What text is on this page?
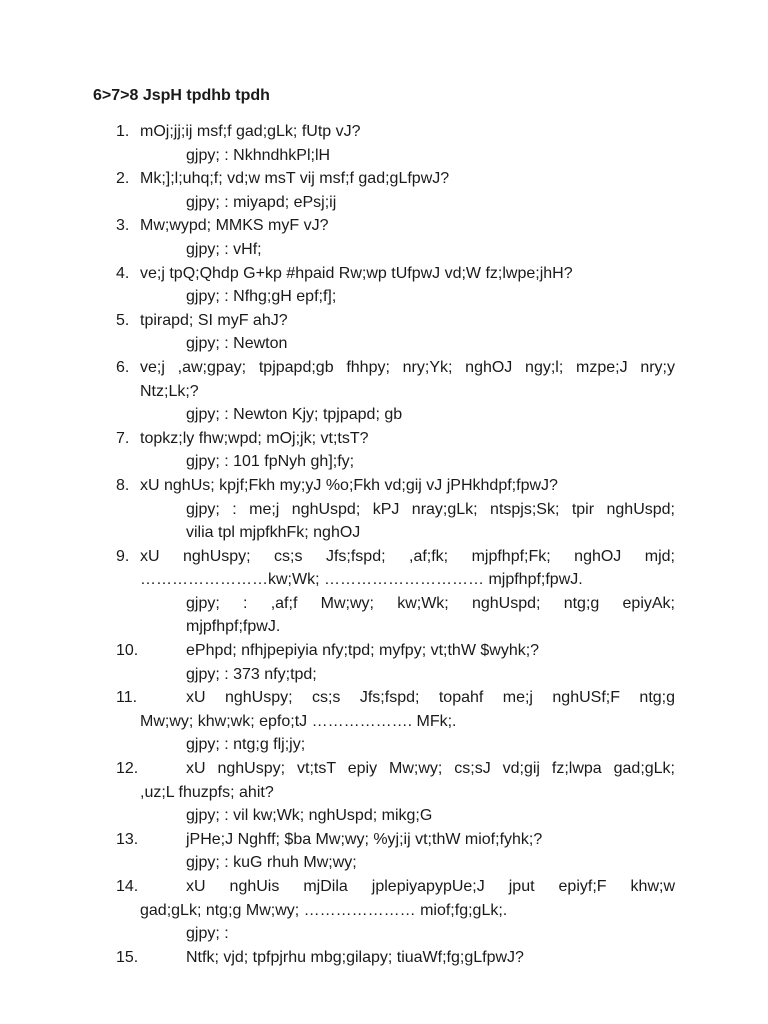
6>7>8 JspH tpdhb tpdh
1. mOj;jj;ij msf;f gad;gLk; fUtp vJ?
gjpy; : NkhndhkPl;lH
2. Mk;];l;uhq;f; vd;w msT vij msf;f gad;gLfpwJ?
gjpy; : miyapd; ePsj;ij
3. Mw;wypd; MMKS myF vJ?
gjpy; : vHf;
4. ve;j tpQ;Qhdp G+kp #hpaid Rw;wp tUfpwJ vd;W fz;lwpe;jhH?
gjpy; : Nfhg;gH epf;f];
5. tpirapd; SI myF ahJ?
gjpy; : Newton
6. ve;j ,aw;gpay; tpjpapd;gb fhhpy; nry;Yk; nghOJ ngy;l; mzpe;J nry;y
Ntz;Lk;?
gjpy; : Newton Kjy; tpjpapd; gb
7. topkz;ly fhw;wpd; mOj;jk; vt;tsT?
gjpy; : 101 fpNyh gh];fy;
8. xU nghUs; kpjf;Fkh my;yJ %o;Fkh vd;gij vJ jPHkhdpf;fpwJ?
gjpy; : me;j nghUspd; kPJ nray;gLk; ntspjs;Sk; tpir nghUspd;
vilia tpl mjpfkhFk; nghOJ
9. xU nghUspy; cs;s Jfs;fspd; ,af;fk; mjpfhpf;Fk; nghOJ mjd;
……………………kw;Wk; ………………………… mjpfhpf;fpwJ.
gjpy; : ,af;f Mw;wy; kw;Wk; nghUspd; ntg;g epiyAk;
mjpfhpf;fpwJ.
10.	ePhpd; nfhjpepiyia nfy;tpd; myfpy; vt;thW $wyhk;?
gjpy; : 373 nfy;tpd;
11.	xU nghUspy; cs;s Jfs;fspd; topahf me;j nghUSf;F ntg;g
Mw;wy; khw;wk; epfo;tJ ………………. MFk;.
gjpy; : ntg;g flj;jy;
12.	xU nghUspy; vt;tsT epiy Mw;wy; cs;sJ vd;gij fz;lwpa gad;gLk;
,uz;L fhuzpfs; ahit?
gjpy; : vil kw;Wk; nghUspd; mikg;G
13.	jPHe;J Nghff; $ba Mw;wy; %yj;ij vt;thW miof;fyhk;?
gjpy; : kuG rhuh Mw;wy;
14.	xU nghUis mjDila jplepiyapypUe;J jput epiyf;F khw;w
gad;gLk; ntg;g Mw;wy; ………………… miof;fg;gLk;.
gjpy; :
15.	Ntfk; vjd; tpfpjrhu mbg;gilapy; tiuaWf;fg;gLfpwJ?
